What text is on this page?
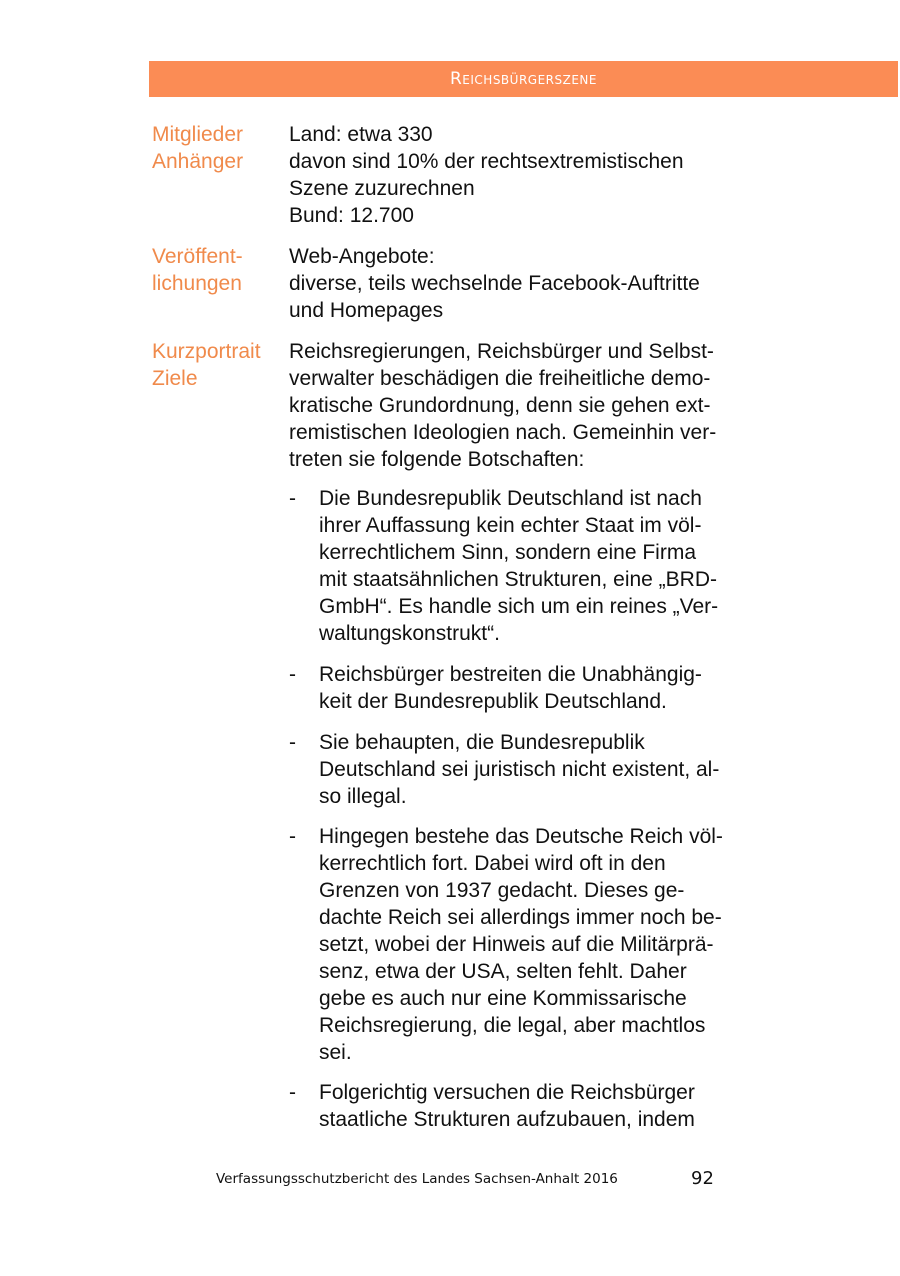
Reichsbürgerszene
Mitglieder
Anhänger
Land: etwa 330
davon sind 10% der rechtsextremistischen
Szene zuzurechnen
Bund: 12.700
Veröffent-
lichungen
Web-Angebote:
diverse, teils wechselnde Facebook-Auftritte
und Homepages
Kurzportrait
Ziele
Reichsregierungen, Reichsbürger und Selbst-
verwalter beschädigen die freiheitliche demo-
kratische Grundordnung, denn sie gehen ext-
remistischen Ideologien nach. Gemeinhin ver-
treten sie folgende Botschaften:
- Die Bundesrepublik Deutschland ist nach
ihrer Auffassung kein echter Staat im völ-
kerrechtlichem Sinn, sondern eine Firma
mit staatsähnlichen Strukturen, eine „BRD-
GmbH“. Es handle sich um ein reines „Ver-
waltungskonstrukt“.
- Reichsbürger bestreiten die Unabhängig-
keit der Bundesrepublik Deutschland.
- Sie behaupten, die Bundesrepublik
Deutschland sei juristisch nicht existent, al-
so illegal.
- Hingegen bestehe das Deutsche Reich völ-
kerrechtlich fort. Dabei wird oft in den
Grenzen von 1937 gedacht. Dieses ge-
dachte Reich sei allerdings immer noch be-
setzt, wobei der Hinweis auf die Militärprä-
senz, etwa der USA, selten fehlt. Daher
gebe es auch nur eine Kommissarische
Reichsregierung, die legal, aber machtlos
sei.
- Folgerichtig versuchen die Reichsbürger
staatliche Strukturen aufzubauen, indem
Verfassungsschutzbericht des Landes Sachsen-Anhalt 2016	92
